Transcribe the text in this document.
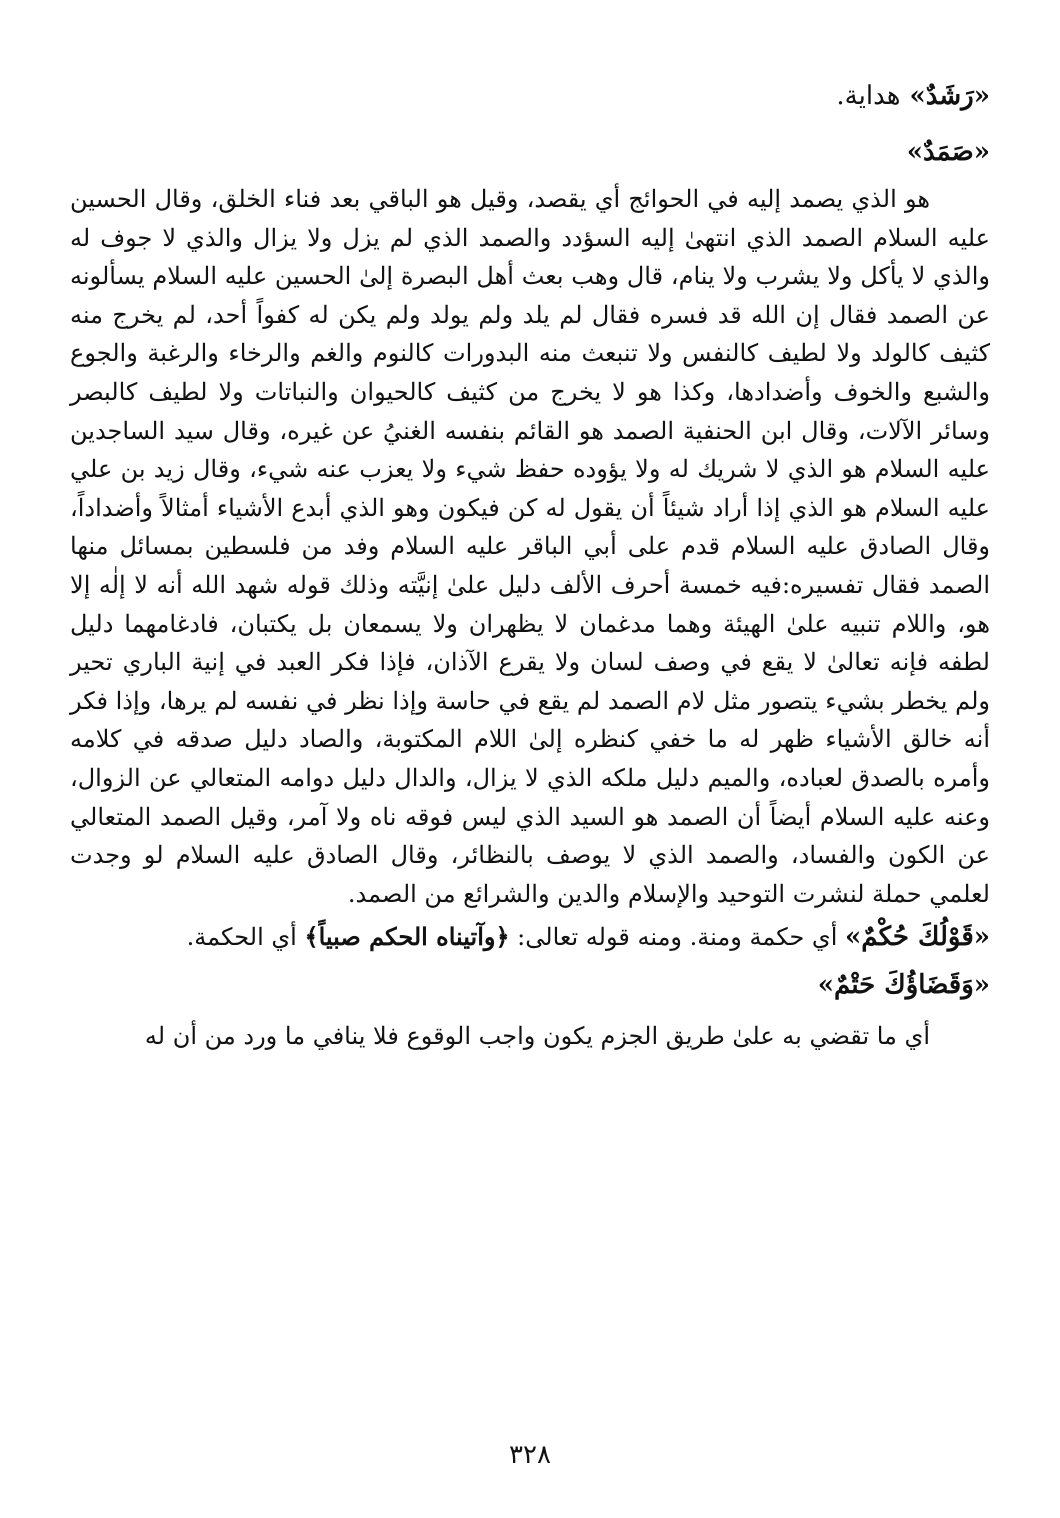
«رَشَدٌ» هداية.

«صَمَدٌ»

هو الذي يصمد إليه في الحوائج أي يقصد، وقيل هو الباقي بعد فناء الخلق، وقال الحسين عليه السلام الصمد الذي انتهىٰ إليه السؤدد والصمد الذي لم يزل ولا يزال والذي لا جوف له والذي لا يأكل ولا يشرب ولا ينام، قال وهب بعث أهل البصرة إلىٰ الحسين عليه السلام يسألونه عن الصمد فقال إن الله قد فسره فقال لم يلد ولم يولد ولم يكن له كفواً أحد، لم يخرج منه كثيف كالولد ولا لطيف كالنفس ولا تنبعث منه البدورات كالنوم والغم والرخاء والرغبة والجوع والشبع والخوف وأضدادها، وكذا هو لا يخرج من كثيف كالحيوان والنباتات ولا لطيف كالبصر وسائر الآلات، وقال ابن الحنفية الصمد هو القائم بنفسه الغنيُ عن غيره، وقال سيد الساجدين عليه السلام هو الذي لا شريك له ولا يؤوده حفظ شيء ولا يعزب عنه شيء، وقال زيد بن علي عليه السلام هو الذي إذا أراد شيئاً أن يقول له كن فيكون وهو الذي أبدع الأشياء أمثالاً وأضداداً، وقال الصادق عليه السلام قدم على أبي الباقر عليه السلام وفد من فلسطين بمسائل منها الصمد فقال تفسيره:فيه خمسة أحرف الألف دليل علىٰ إنيَّته وذلك قوله شهد الله أنه لا إلٰه إلا هو، واللام تنبيه علىٰ الهيئة وهما مدغمان لا يظهران ولا يسمعان بل يكتبان، فادغامهما دليل لطفه فإنه تعالىٰ لا يقع في وصف لسان ولا يقرع الآذان، فإذا فكر العبد في إنية الباري تحير ولم يخطر بشيء يتصور مثل لام الصمد لم يقع في حاسة وإذا نظر في نفسه لم يرها، وإذا فكر أنه خالق الأشياء ظهر له ما خفي كنظره إلىٰ اللام المكتوبة، والصاد دليل صدقه في كلامه وأمره بالصدق لعباده، والميم دليل ملكه الذي لا يزال، والدال دليل دوامه المتعالي عن الزوال، وعنه عليه السلام أيضاً أن الصمد هو السيد الذي ليس فوقه ناه ولا آمر، وقيل الصمد المتعالي عن الكون والفساد، والصمد الذي لا يوصف بالنظائر، وقال الصادق عليه السلام لو وجدت لعلمي حملة لنشرت التوحيد والإسلام والدين والشرائع من الصمد.

«قَوْلُكَ حُكْمٌ» أي حكمة ومنة. ومنه قوله تعالى: ﴿وآتيناه الحكم صبياً﴾ أي الحكمة.

«وَقَضَاؤُكَ حَتْمٌ»

أي ما تقضي به علىٰ طريق الجزم يكون واجب الوقوع فلا ينافي ما ورد من أن له

٣٢٨
